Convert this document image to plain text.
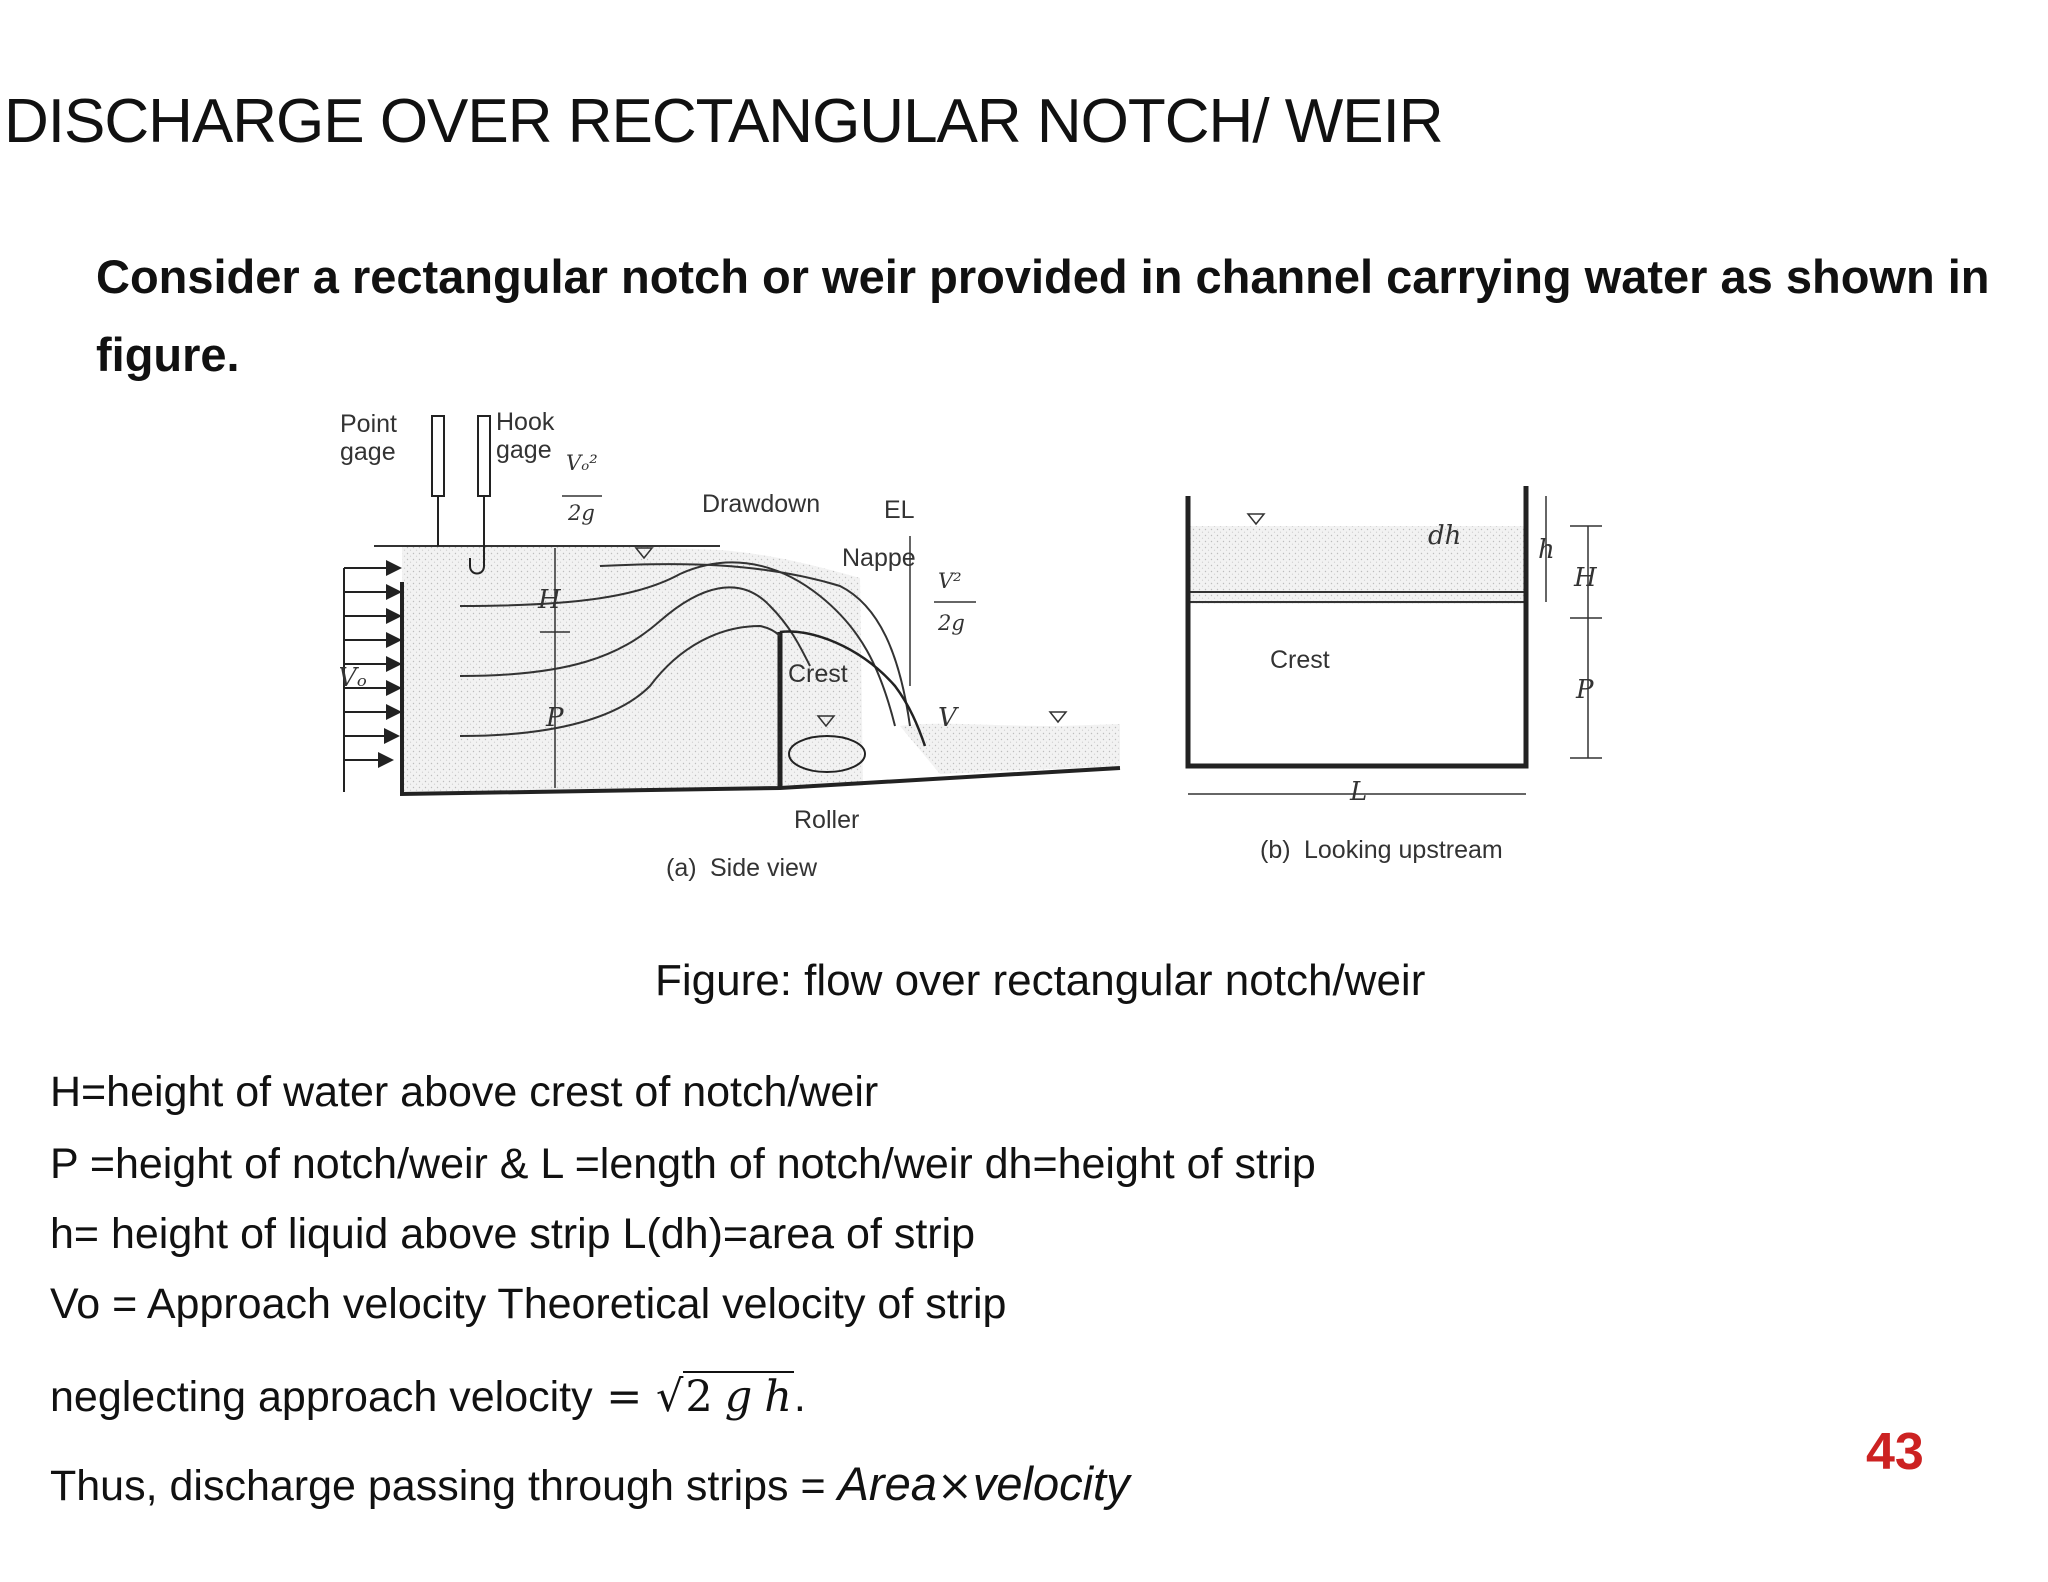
DISCHARGE OVER RECTANGULAR NOTCH/ WEIR
Consider a rectangular notch or weir provided in channel carrying water as shown in figure.
Point
gage
Hook
gage Vₒ²
2g	Drawdown	EL
Nappe
V²
2g
H
P
Vₒ
V
Crest
Roller
(a) Side view
dh	h
H
P
L
Crest
(b) Looking upstream
Figure: flow over rectangular notch/weir
H=height of water above crest of notch/weir
P =height of notch/weir & L =length of notch/weir dh=height of strip
h= height of liquid above strip L(dh)=area of strip
Vo = Approach velocity Theoretical velocity of strip
neglecting approach velocity = √2 g h.
Thus, discharge passing through strips = Area×velocity
43
